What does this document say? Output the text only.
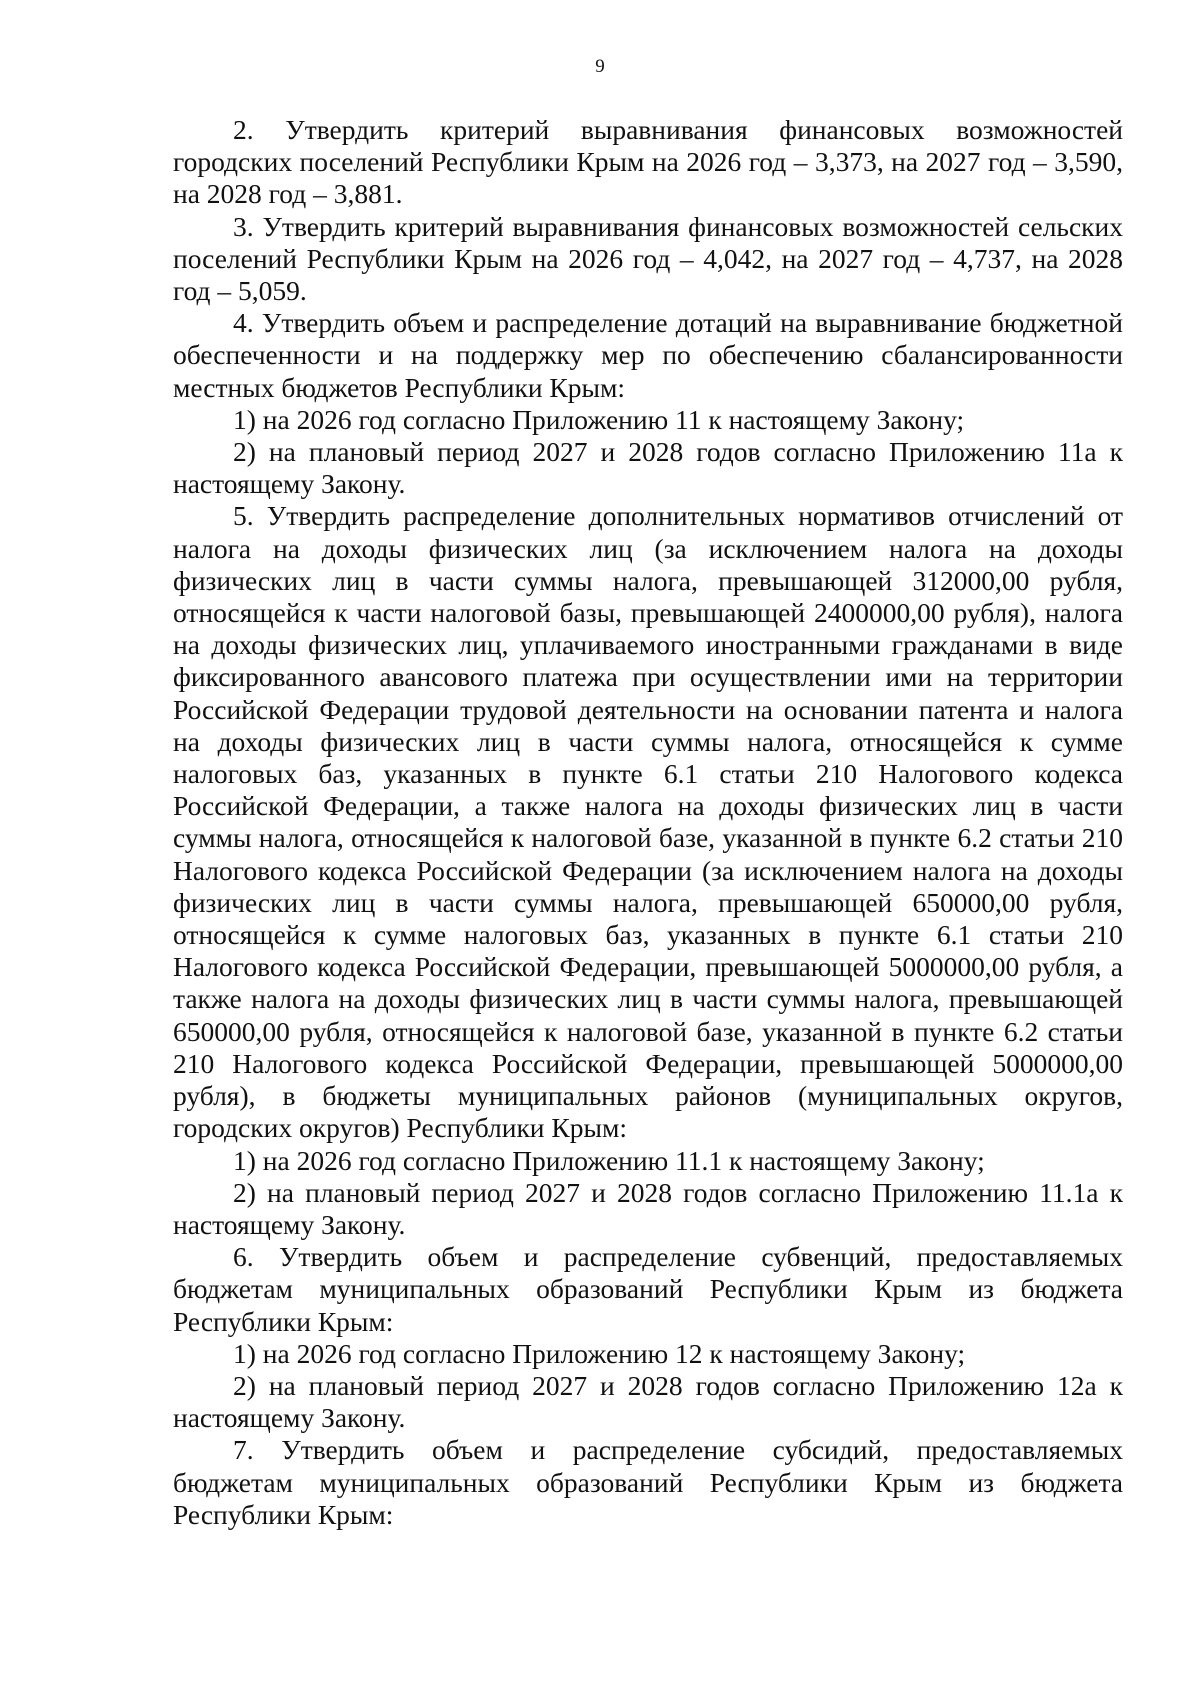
9

2. Утвердить критерий выравнивания финансовых возможностей городских поселений Республики Крым на 2026 год – 3,373, на 2027 год – 3,590, на 2028 год – 3,881.

3. Утвердить критерий выравнивания финансовых возможностей сельских поселений Республики Крым на 2026 год – 4,042, на 2027 год – 4,737, на 2028 год – 5,059.

4. Утвердить объем и распределение дотаций на выравнивание бюджетной обеспеченности и на поддержку мер по обеспечению сбалансированности местных бюджетов Республики Крым:

1) на 2026 год согласно Приложению 11 к настоящему Закону;

2) на плановый период 2027 и 2028 годов согласно Приложению 11а к настоящему Закону.

5. Утвердить распределение дополнительных нормативов отчислений от налога на доходы физических лиц (за исключением налога на доходы физических лиц в части суммы налога, превышающей 312000,00 рубля, относящейся к части налоговой базы, превышающей 2400000,00 рубля), налога на доходы физических лиц, уплачиваемого иностранными гражданами в виде фиксированного авансового платежа при осуществлении ими на территории Российской Федерации трудовой деятельности на основании патента и налога на доходы физических лиц в части суммы налога, относящейся к сумме налоговых баз, указанных в пункте 6.1 статьи 210 Налогового кодекса Российской Федерации, а также налога на доходы физических лиц в части суммы налога, относящейся к налоговой базе, указанной в пункте 6.2 статьи 210 Налогового кодекса Российской Федерации (за исключением налога на доходы физических лиц в части суммы налога, превышающей 650000,00 рубля, относящейся к сумме налоговых баз, указанных в пункте 6.1 статьи 210 Налогового кодекса Российской Федерации, превышающей 5000000,00 рубля, а также налога на доходы физических лиц в части суммы налога, превышающей 650000,00 рубля, относящейся к налоговой базе, указанной в пункте 6.2 статьи 210 Налогового кодекса Российской Федерации, превышающей 5000000,00 рубля), в бюджеты муниципальных районов (муниципальных округов, городских округов) Республики Крым:

1) на 2026 год согласно Приложению 11.1 к настоящему Закону;

2) на плановый период 2027 и 2028 годов согласно Приложению 11.1а к настоящему Закону.

6. Утвердить объем и распределение субвенций, предоставляемых бюджетам муниципальных образований Республики Крым из бюджета Республики Крым:

1) на 2026 год согласно Приложению 12 к настоящему Закону;

2) на плановый период 2027 и 2028 годов согласно Приложению 12а к настоящему Закону.

7. Утвердить объем и распределение субсидий, предоставляемых бюджетам муниципальных образований Республики Крым из бюджета Республики Крым:
